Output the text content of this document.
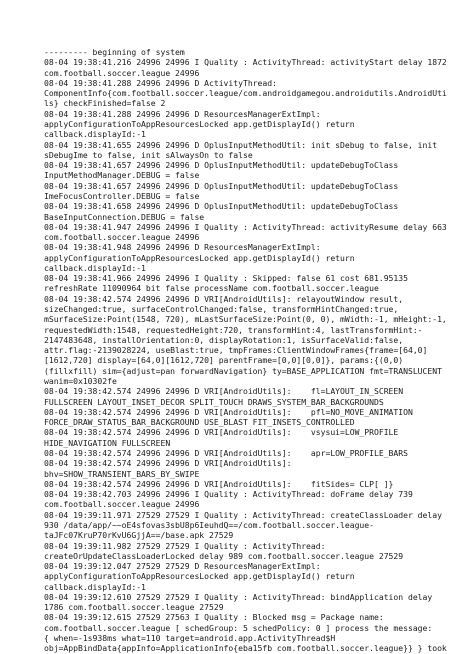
--------- beginning of system
08-04 19:38:41.216 24996 24996 I Quality : ActivityThread: activityStart delay 1872
com.football.soccer.league 24996
08-04 19:38:41.288 24996 24996 D ActivityThread:
ComponentInfo{com.football.soccer.league/com.androidgamegou.androidutils.AndroidUti
ls} checkFinished=false 2
08-04 19:38:41.288 24996 24996 D ResourcesManagerExtImpl:
applyConfigurationToAppResourcesLocked app.getDisplayId() return
callback.displayId:-1
08-04 19:38:41.655 24996 24996 D OplusInputMethodUtil: init sDebug to false, init
sDebugIme to false, init sAlwaysOn to false
08-04 19:38:41.657 24996 24996 D OplusInputMethodUtil: updateDebugToClass
InputMethodManager.DEBUG = false
08-04 19:38:41.657 24996 24996 D OplusInputMethodUtil: updateDebugToClass
ImeFocusController.DEBUG = false
08-04 19:38:41.658 24996 24996 D OplusInputMethodUtil: updateDebugToClass
BaseInputConnection.DEBUG = false
08-04 19:38:41.947 24996 24996 I Quality : ActivityThread: activityResume delay 663
com.football.soccer.league 24996
08-04 19:38:41.948 24996 24996 D ResourcesManagerExtImpl:
applyConfigurationToAppResourcesLocked app.getDisplayId() return
callback.displayId:-1
08-04 19:38:41.966 24996 24996 I Quality : Skipped: false 61 cost 681.95135
refreshRate 11090964 bit false processName com.football.soccer.league
08-04 19:38:42.574 24996 24996 D VRI[AndroidUtils]: relayoutWindow result,
sizeChanged:true, surfaceControlChanged:false, transformHintChanged:true,
mSurfaceSize:Point(1548, 720), mLastSurfaceSize:Point(0, 0), mWidth:-1, mHeight:-1,
requestedWidth:1548, requestedHeight:720, transformHint:4, lastTransformHint:-
2147483648, installOrientation:0, displayRotation:1, isSurfaceValid:false,
attr.flag:-2139028224, useBlast:true, tmpFrames:ClientWindowFrames{frame=[64,0]
[1612,720] display=[64,0][1612,720] parentFrame=[0,0][0,0]}, params:{(0,0)
(fillxfill) sim={adjust=pan forwardNavigation} ty=BASE_APPLICATION fmt=TRANSLUCENT
wanim=0x10302fe
08-04 19:38:42.574 24996 24996 D VRI[AndroidUtils]:    fl=LAYOUT_IN_SCREEN
FULLSCREEN LAYOUT_INSET_DECOR SPLIT_TOUCH DRAWS_SYSTEM_BAR_BACKGROUNDS
08-04 19:38:42.574 24996 24996 D VRI[AndroidUtils]:    pfl=NO_MOVE_ANIMATION
FORCE_DRAW_STATUS_BAR_BACKGROUND USE_BLAST FIT_INSETS_CONTROLLED
08-04 19:38:42.574 24996 24996 D VRI[AndroidUtils]:    vsysui=LOW_PROFILE
HIDE_NAVIGATION FULLSCREEN
08-04 19:38:42.574 24996 24996 D VRI[AndroidUtils]:    apr=LOW_PROFILE_BARS
08-04 19:38:42.574 24996 24996 D VRI[AndroidUtils]:
bhv=SHOW_TRANSIENT_BARS_BY_SWIPE
08-04 19:38:42.574 24996 24996 D VRI[AndroidUtils]:    fitSides= CLP[ ]}
08-04 19:38:42.703 24996 24996 I Quality : ActivityThread: doFrame delay 739
com.football.soccer.league 24996
08-04 19:39:11.971 27529 27529 I Quality : ActivityThread: createClassLoader delay
930 /data/app/~~oE4sfovas3sbU8p6IeuhdQ==/com.football.soccer.league-
taJFc07KruP70rKvU6GjjA==/base.apk 27529
08-04 19:39:11.982 27529 27529 I Quality : ActivityThread:
createOrUpdateClassLoaderLocked delay 989 com.football.soccer.league 27529
08-04 19:39:12.047 27529 27529 D ResourcesManagerExtImpl:
applyConfigurationToAppResourcesLocked app.getDisplayId() return
callback.displayId:-1
08-04 19:39:12.610 27529 27529 I Quality : ActivityThread: bindApplication delay
1786 com.football.soccer.league 27529
08-04 19:39:12.615 27529 27563 I Quality : Blocked msg = Package name:
com.football.soccer.league [ schedGroup: 5 schedPolicy: 0 ] process the message:
{ when=-1s938ms what=110 target=android.app.ActivityThread$H
obj=AppBindData{appInfo=ApplicationInfo{eba15fb com.football.soccer.league}} } took
